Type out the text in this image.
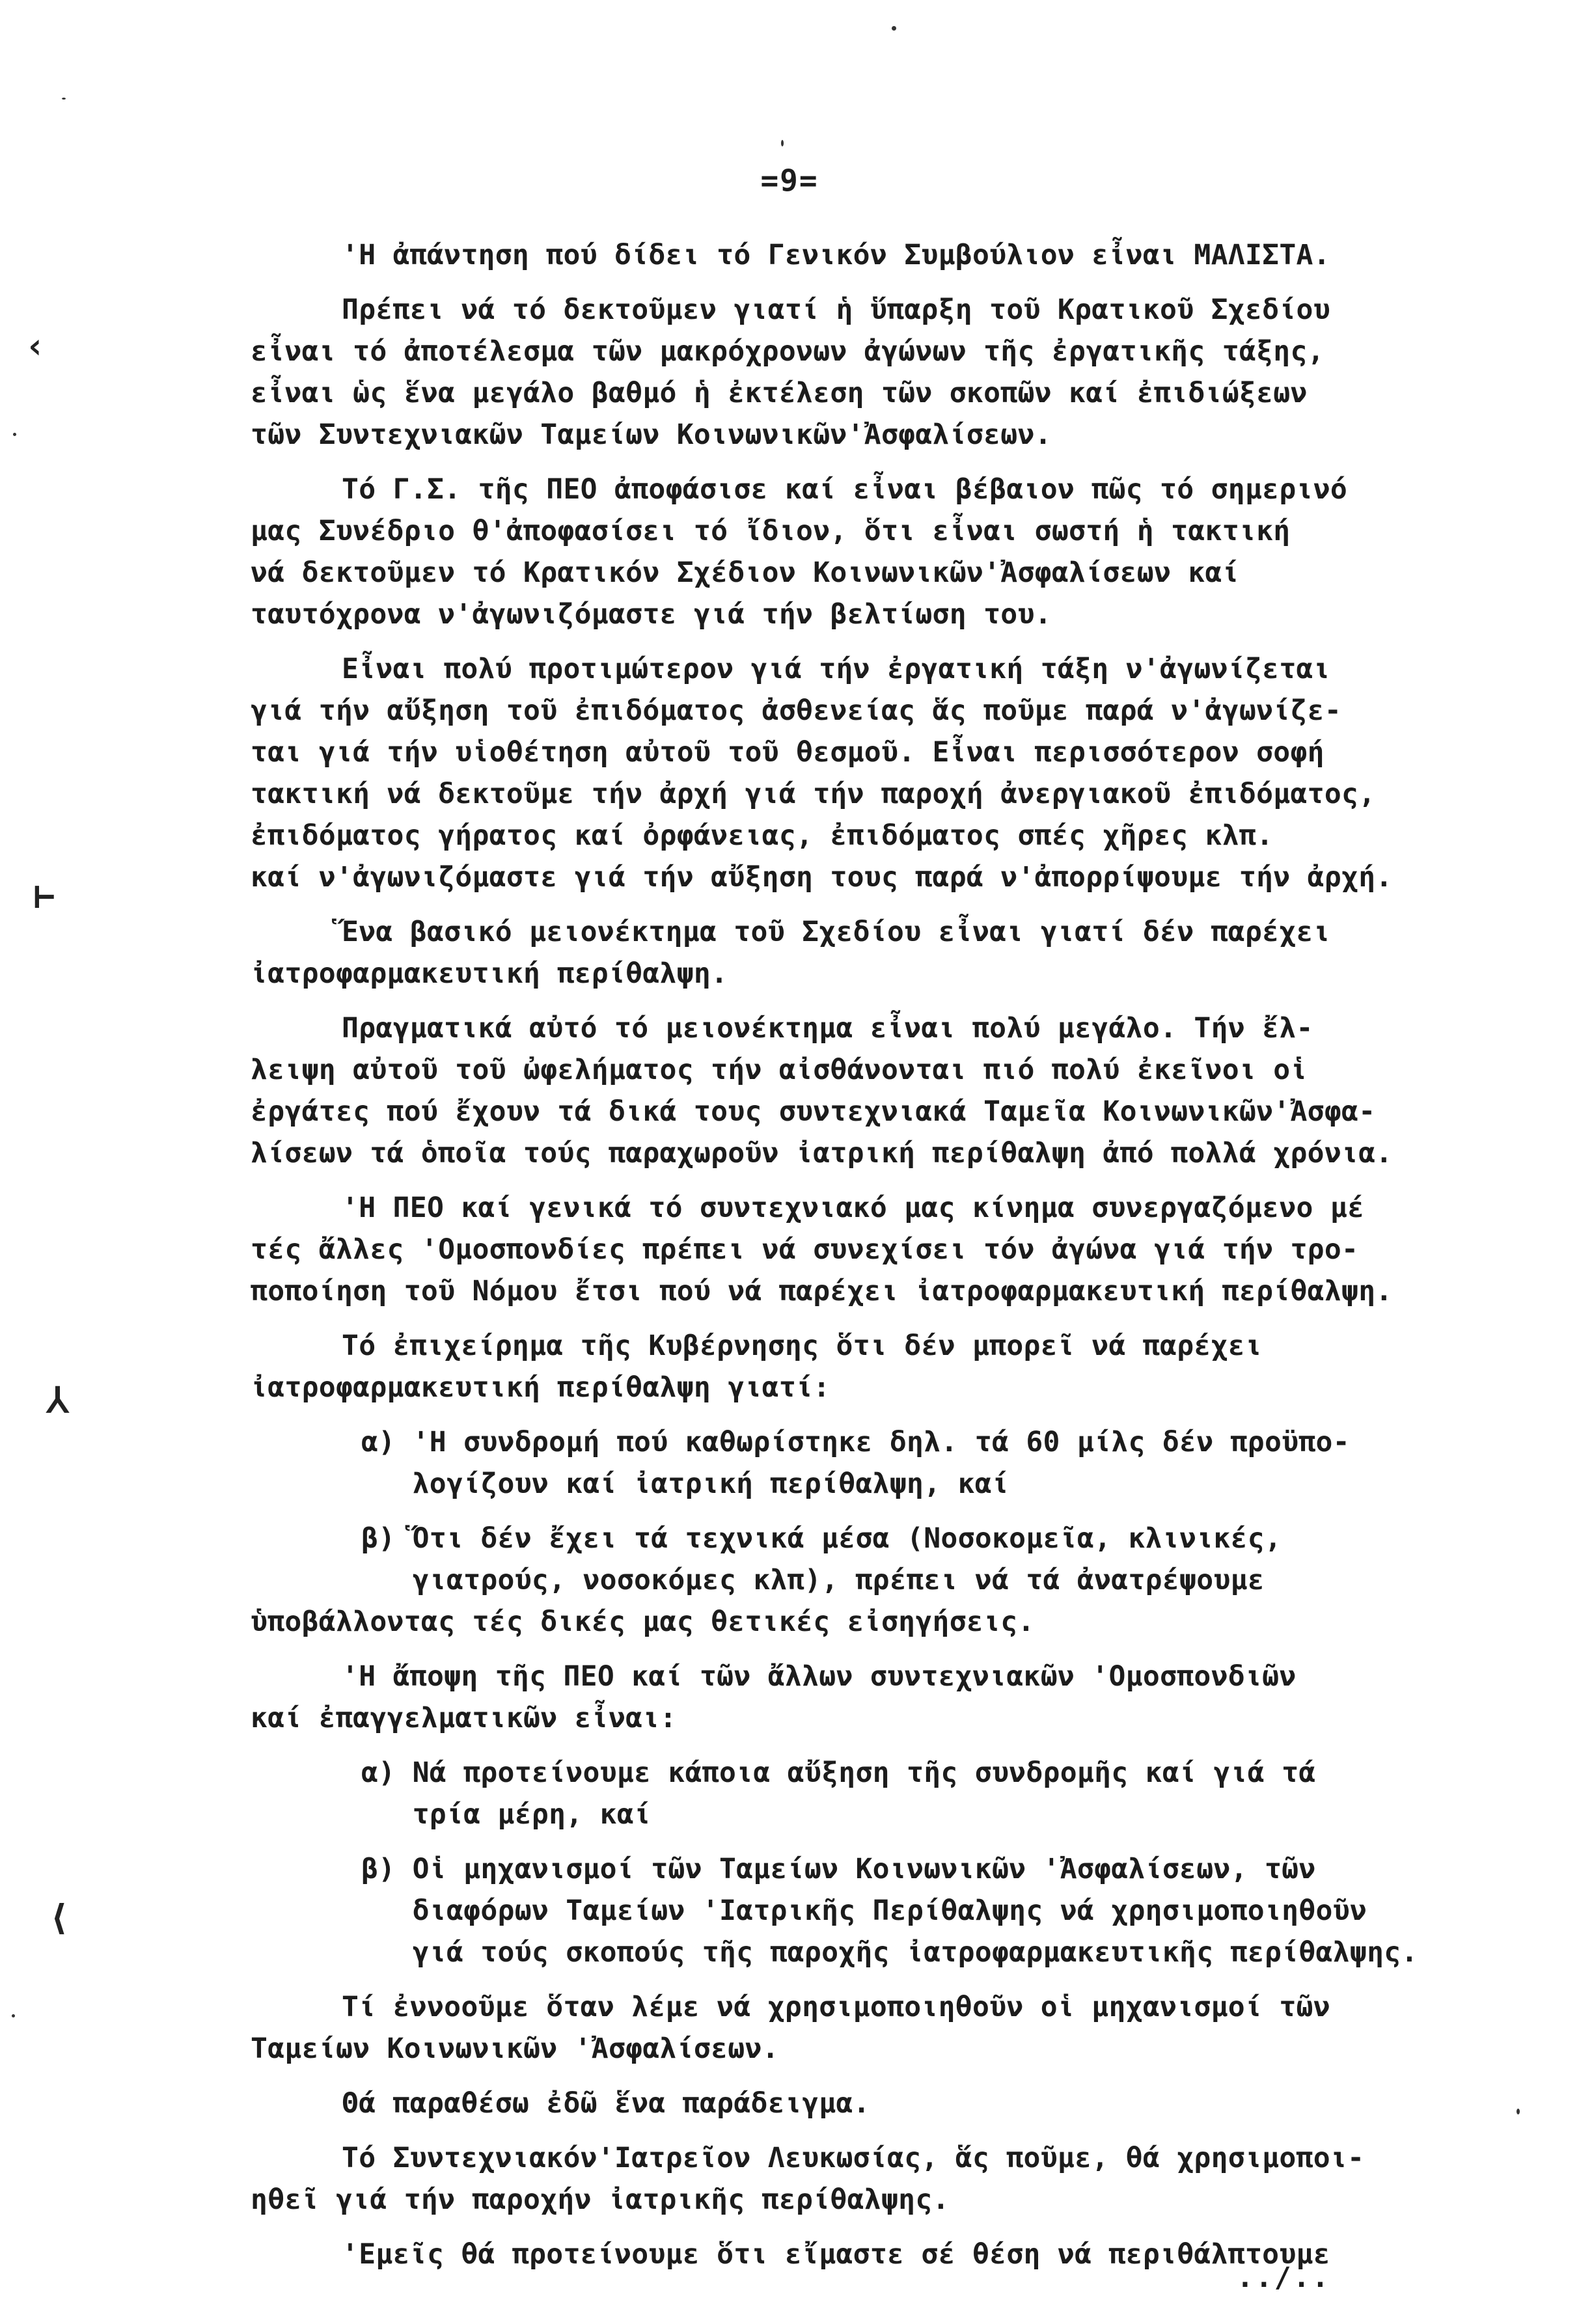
=9=
'Η ἀπάντηση πού δίδει τό Γενικόν Συμβούλιον εἶναι ΜΑΛΙΣΤΑ.
Πρέπει νά τό δεκτοῦμεν γιατί ἡ ὕπαρξη τοῦ Κρατικοῦ Σχεδίου
εἶναι τό ἀποτέλεσμα τῶν μακρόχρονων ἀγώνων τῆς ἐργατικῆς τάξης,
εἶναι ὡς ἕνα μεγάλο βαθμό ἡ ἐκτέλεση τῶν σκοπῶν καί ἐπιδιώξεων
τῶν Συντεχνιακῶν Ταμείων Κοινωνικῶν'Ἀσφαλίσεων.
Τό Γ.Σ. τῆς ΠΕΟ ἀποφάσισε καί εἶναι βέβαιον πῶς τό σημερινό
μας Συνέδριο θ'ἀποφασίσει τό ἴδιον, ὅτι εἶναι σωστή ἡ τακτική
νά δεκτοῦμεν τό Κρατικόν Σχέδιον Κοινωνικῶν'Ἀσφαλίσεων καί
ταυτόχρονα ν'ἀγωνιζόμαστε γιά τήν βελτίωση του.
Εἶναι πολύ προτιμώτερον γιά τήν ἐργατική τάξη ν'ἀγωνίζεται
γιά τήν αὔξηση τοῦ ἐπιδόματος ἀσθενείας ἅς ποῦμε παρά ν'ἀγωνίζε-
ται γιά τήν υἱοθέτηση αὐτοῦ τοῦ θεσμοῦ. Εἶναι περισσότερον σοφή
τακτική νά δεκτοῦμε τήν ἀρχή γιά τήν παροχή ἀνεργιακοῦ ἐπιδόματος,
ἐπιδόματος γήρατος καί ὀρφάνειας, ἐπιδόματος σπές χῆρες κλπ.
καί ν'ἀγωνιζόμαστε γιά τήν αὔξηση τους παρά ν'ἀπορρίψουμε τήν ἀρχή.
Ἕνα βασικό μειονέκτημα τοῦ Σχεδίου εἶναι γιατί δέν παρέχει
ἰατροφαρμακευτική περίθαλψη.
Πραγματικά αὐτό τό μειονέκτημα εἶναι πολύ μεγάλο. Τήν ἔλ-
λειψη αὐτοῦ τοῦ ὠφελήματος τήν αἰσθάνονται πιό πολύ ἐκεῖνοι οἱ
ἐργάτες πού ἔχουν τά δικά τους συντεχνιακά Ταμεῖα Κοινωνικῶν'Ἀσφα-
λίσεων τά ὁποῖα τούς παραχωροῦν ἰατρική περίθαλψη ἀπό πολλά χρόνια.
'Η ΠΕΟ καί γενικά τό συντεχνιακό μας κίνημα συνεργαζόμενο μέ
τές ἄλλες 'Ομοσπονδίες πρέπει νά συνεχίσει τόν ἀγώνα γιά τήν τρο-
ποποίηση τοῦ Νόμου ἔτσι πού νά παρέχει ἰατροφαρμακευτική περίθαλψη.
Τό ἐπιχείρημα τῆς Κυβέρνησης ὅτι δέν μπορεῖ νά παρέχει
ἰατροφαρμακευτική περίθαλψη γιατί:
α) 'Η συνδρομή πού καθωρίστηκε δηλ. τά 60 μίλς δέν προϋπο-
λογίζουν καί ἰατρική περίθαλψη, καί
β) Ὅτι δέν ἔχει τά τεχνικά μέσα (Νοσοκομεῖα, κλινικές,
γιατρούς, νοσοκόμες κλπ), πρέπει νά τά ἀνατρέψουμε
ὑποβάλλοντας τές δικές μας θετικές εἰσηγήσεις.
'Η ἄποψη τῆς ΠΕΟ καί τῶν ἄλλων συντεχνιακῶν 'Ομοσπονδιῶν
καί ἐπαγγελματικῶν εἶναι:
α) Νά προτείνουμε κάποια αὔξηση τῆς συνδρομῆς καί γιά τά
τρία μέρη, καί
β) Οἱ μηχανισμοί τῶν Ταμείων Κοινωνικῶν 'Ἀσφαλίσεων, τῶν
διαφόρων Ταμείων 'Ιατρικῆς Περίθαλψης νά χρησιμοποιηθοῦν
γιά τούς σκοπούς τῆς παροχῆς ἰατροφαρμακευτικῆς περίθαλψης.
Τί ἐννοοῦμε ὅταν λέμε νά χρησιμοποιηθοῦν οἱ μηχανισμοί τῶν
Ταμείων Κοινωνικῶν 'Ἀσφαλίσεων.
Θά παραθέσω ἐδῶ ἕνα παράδειγμα.
Τό Συντεχνιακόν'Ιατρεῖον Λευκωσίας, ἅς ποῦμε, θά χρησιμοποι-
ηθεῖ γιά τήν παροχήν ἰατρικῆς περίθαλψης.
'Εμεῖς θά προτείνουμε ὅτι εἴμαστε σέ θέση νά περιθάλπτουμε
../..
‹
⊢
⅄
⟨
